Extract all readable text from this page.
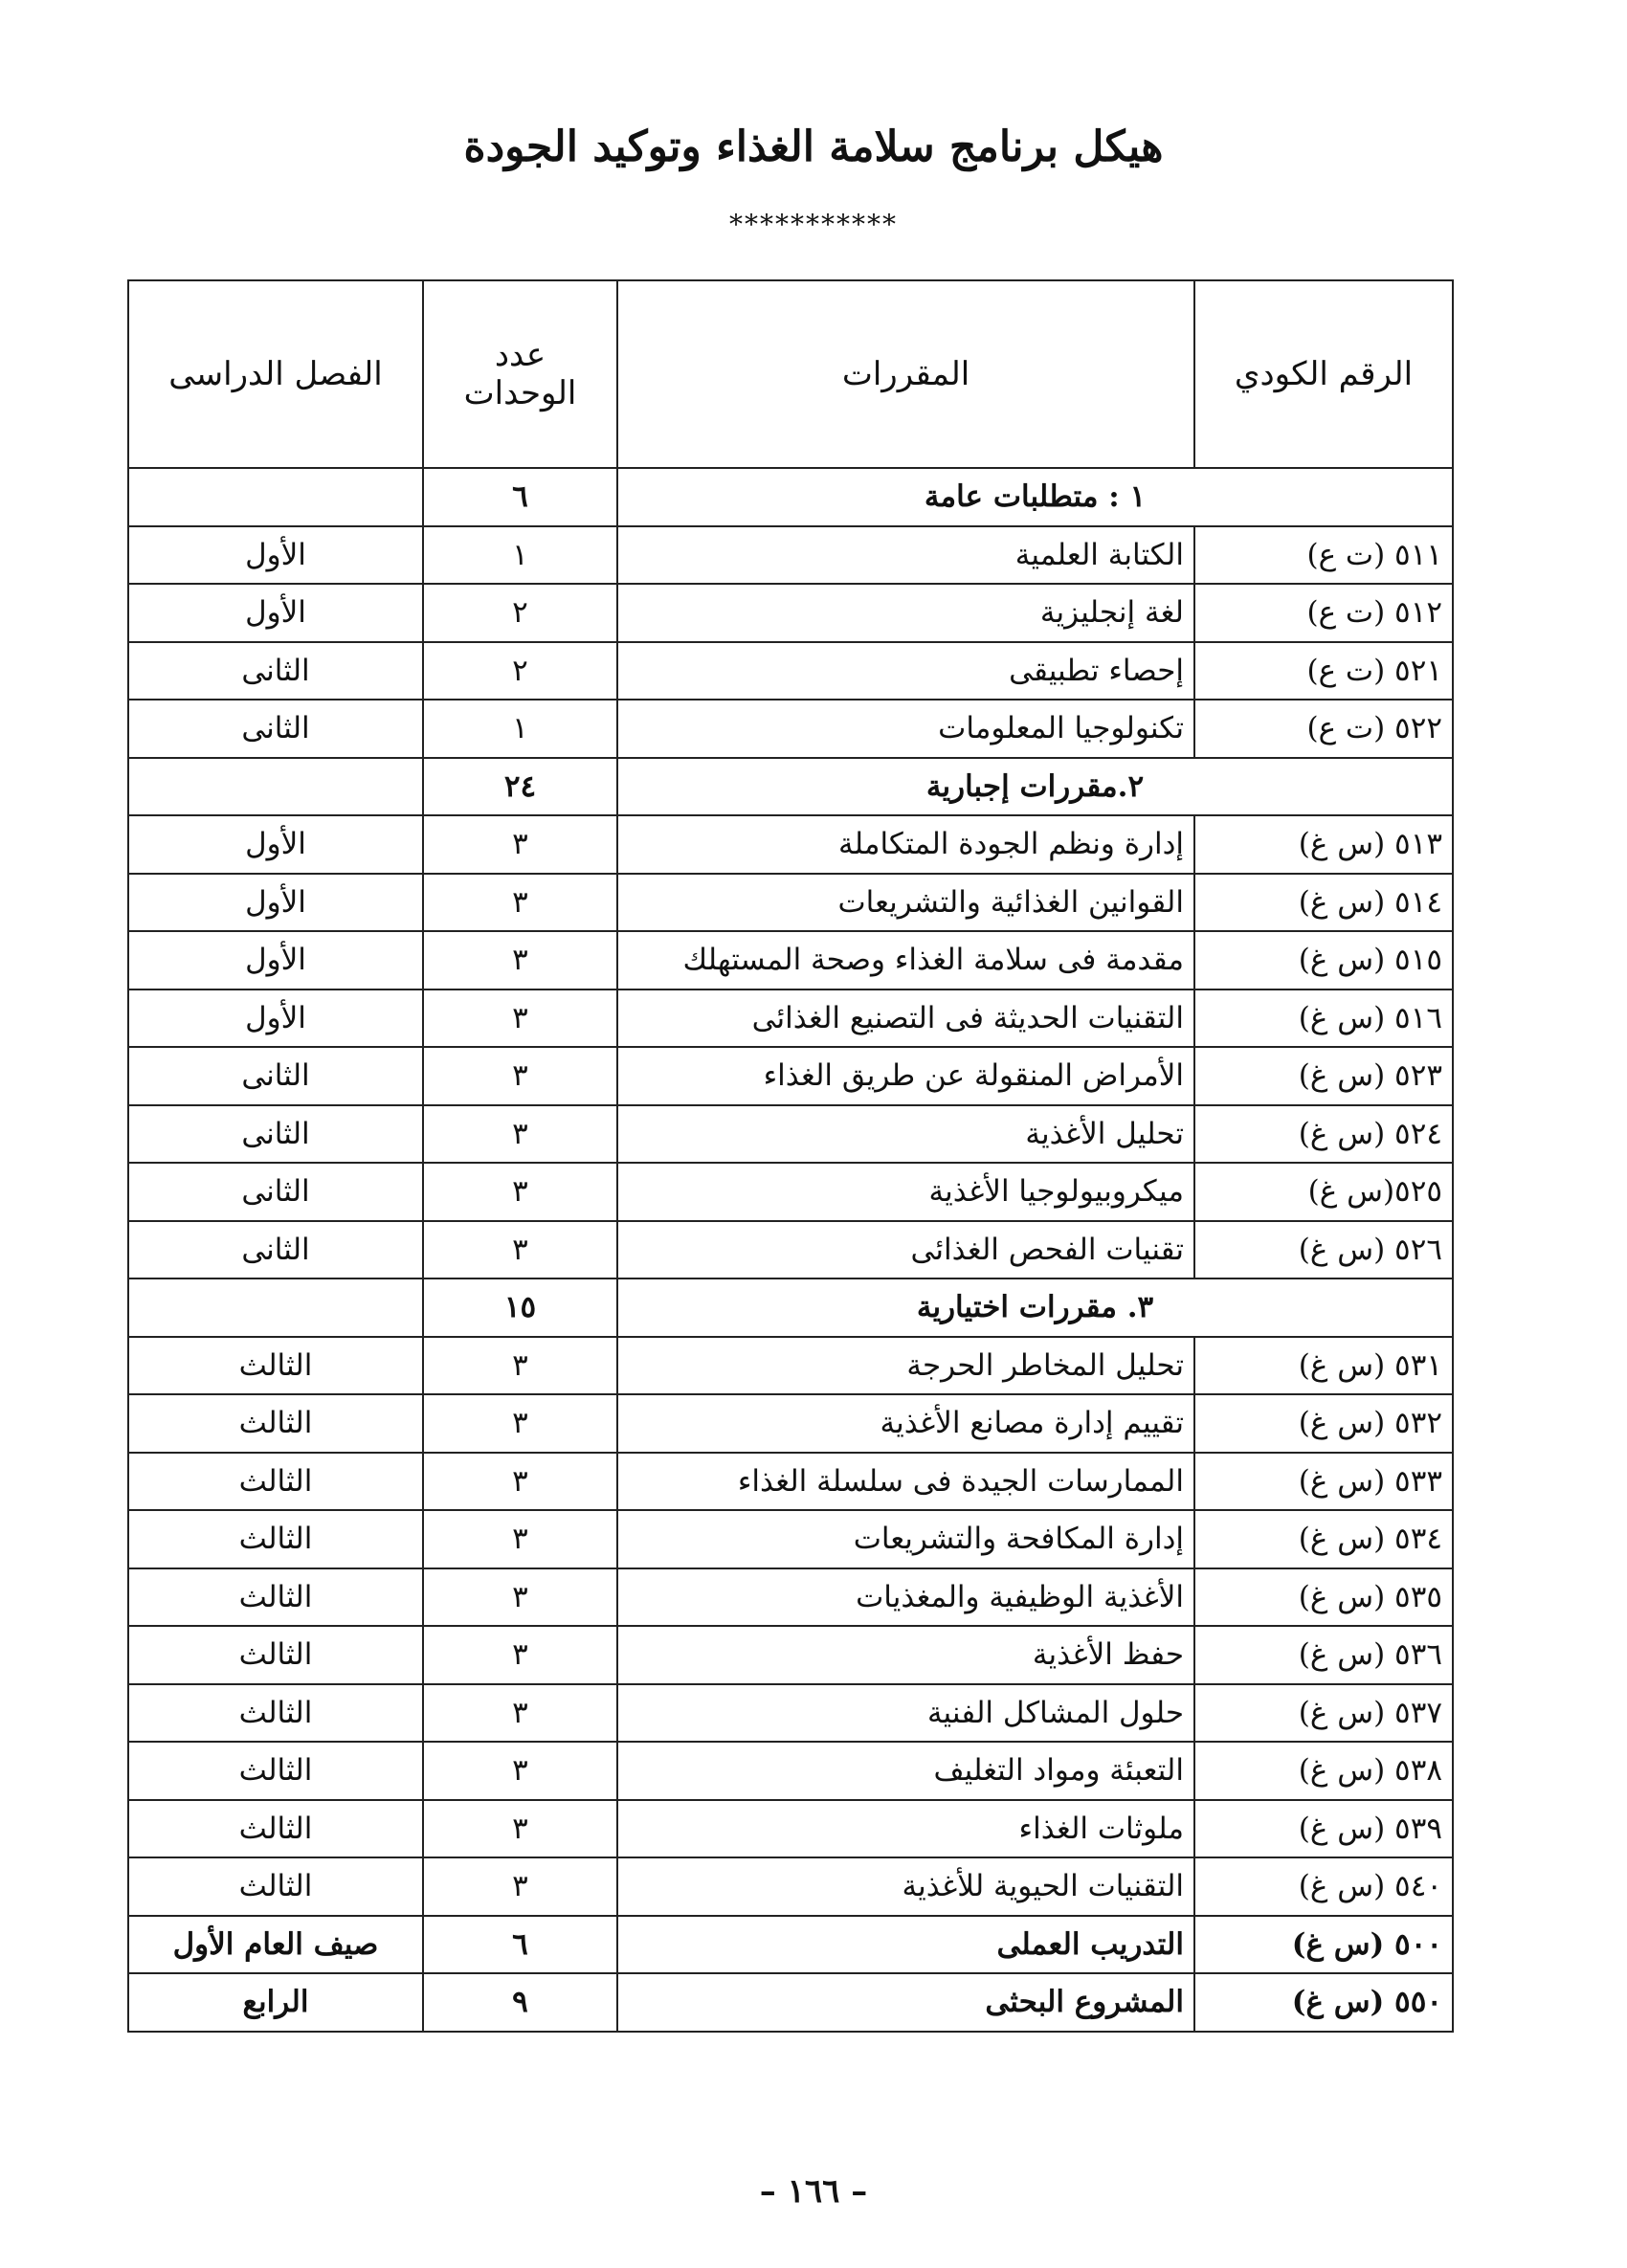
هيكل برنامج سلامة الغذاء وتوكيد الجودة
***********
الرقم الكودي	المقررات	عدد الوحدات	الفصل الدراسى
١ : متطلبات عامة		٦	
٥١١ (ت ع)	الكتابة العلمية	١	الأول
٥١٢ (ت ع)	لغة إنجليزية	٢	الأول
٥٢١ (ت ع)	إحصاء تطبيقى	٢	الثانى
٥٢٢ (ت ع)	تكنولوجيا المعلومات	١	الثانى
٢.مقررات إجبارية		٢٤	
٥١٣ (س غ)	إدارة ونظم الجودة المتكاملة	٣	الأول
٥١٤ (س غ)	القوانين الغذائية والتشريعات	٣	الأول
٥١٥ (س غ)	مقدمة فى سلامة الغذاء وصحة المستهلك	٣	الأول
٥١٦ (س غ)	التقنيات الحديثة فى التصنيع الغذائى	٣	الأول
٥٢٣ (س غ)	الأمراض المنقولة عن طريق الغذاء	٣	الثانى
٥٢٤ (س غ)	تحليل الأغذية	٣	الثانى
٥٢٥(س غ)	ميكروبيولوجيا الأغذية	٣	الثانى
٥٢٦ (س غ)	تقنيات الفحص الغذائى	٣	الثانى
٣. مقررات اختيارية		١٥	
٥٣١ (س غ)	تحليل المخاطر الحرجة	٣	الثالث
٥٣٢ (س غ)	تقييم إدارة مصانع الأغذية	٣	الثالث
٥٣٣ (س غ)	الممارسات الجيدة فى سلسلة الغذاء	٣	الثالث
٥٣٤ (س غ)	إدارة المكافحة والتشريعات	٣	الثالث
٥٣٥ (س غ)	الأغذية الوظيفية والمغذيات	٣	الثالث
٥٣٦ (س غ)	حفظ الأغذية	٣	الثالث
٥٣٧ (س غ)	حلول المشاكل الفنية	٣	الثالث
٥٣٨ (س غ)	التعبئة ومواد التغليف	٣	الثالث
٥٣٩ (س غ)	ملوثات الغذاء	٣	الثالث
٥٤٠ (س غ)	التقنيات الحيوية للأغذية	٣	الثالث
٥٠٠ (س غ)	التدريب العملى	٦	صيف العام الأول
٥٥٠ (س غ)	المشروع البحثى	٩	الرابع
– ١٦٦ –
